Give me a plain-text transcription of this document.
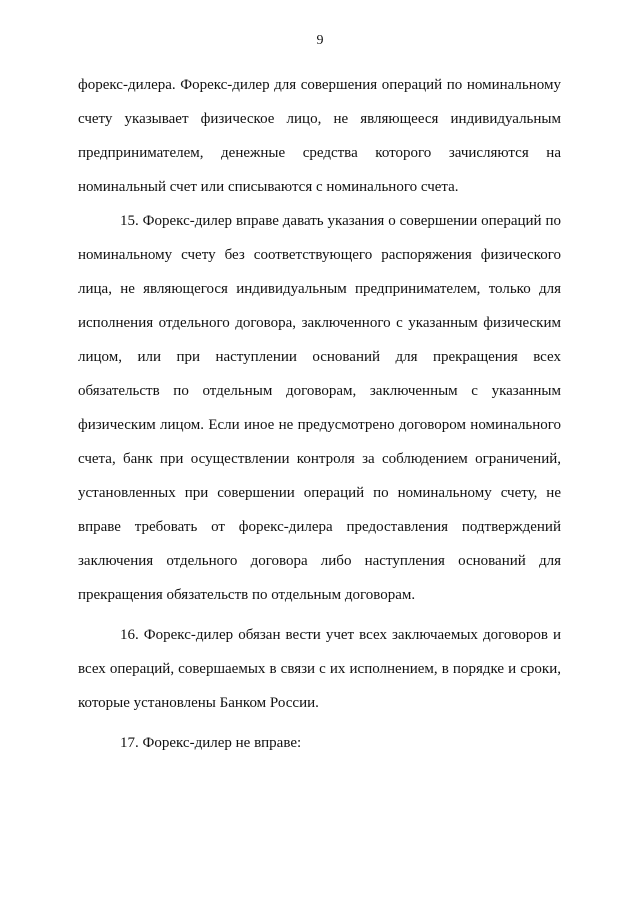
9
форекс-дилера. Форекс-дилер для совершения операций по номинальному
счету указывает физическое лицо, не являющееся индивидуальным
предпринимателем, денежные средства которого зачисляются на
номинальный счет или списываются с номинального счета.
15. Форекс-дилер вправе давать указания о совершении операций по
номинальному счету без соответствующего распоряжения физического
лица, не являющегося индивидуальным предпринимателем, только для
исполнения отдельного договора, заключенного с указанным физическим
лицом, или при наступлении оснований для прекращения всех
обязательств по отдельным договорам, заключенным с указанным
физическим лицом. Если иное не предусмотрено договором номинального
счета, банк при осуществлении контроля за соблюдением ограничений,
установленных при совершении операций по номинальному счету, не
вправе требовать от форекс-дилера предоставления подтверждений
заключения отдельного договора либо наступления оснований для
прекращения обязательств по отдельным договорам.
16. Форекс-дилер обязан вести учет всех заключаемых договоров и
всех операций, совершаемых в связи с их исполнением, в порядке и сроки,
которые установлены Банком России.
17. Форекс-дилер не вправе:
